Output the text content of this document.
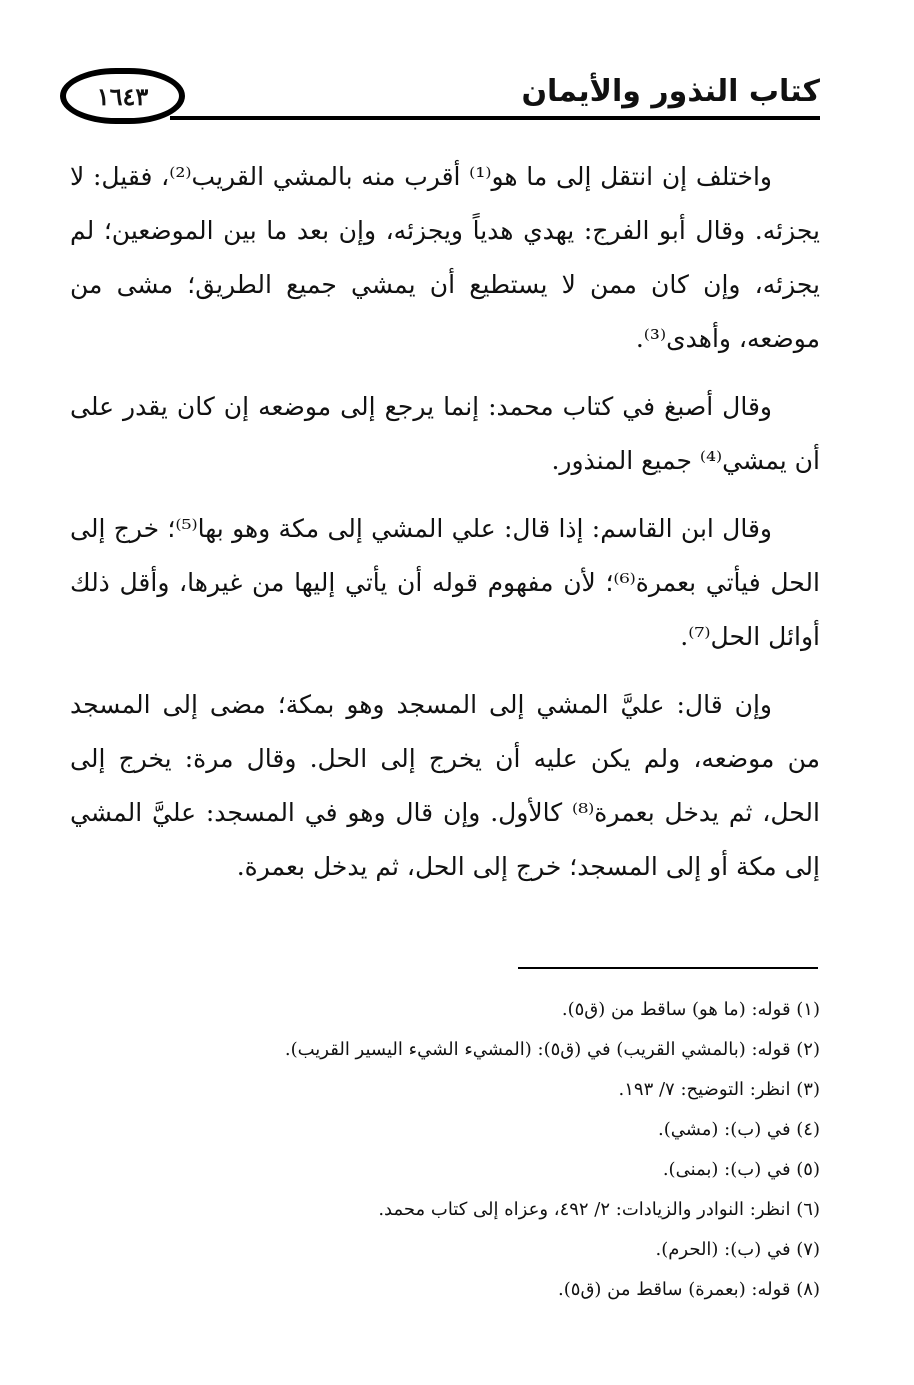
١٦٤٣	كتاب النذور والأيمان

واختلف إن انتقل إلى ما هو⁽¹⁾ أقرب منه بالمشي القريب⁽²⁾، فقيل: لا يجزئه. وقال أبو الفرج: يهدي هدياً ويجزئه، وإن بعد ما بين الموضعين؛ لم يجزئه، وإن كان ممن لا يستطيع أن يمشي جميع الطريق؛ مشى من موضعه، وأهدى⁽³⁾.

وقال أصبغ في كتاب محمد: إنما يرجع إلى موضعه إن كان يقدر على أن يمشي⁽⁴⁾ جميع المنذور.

وقال ابن القاسم: إذا قال: علي المشي إلى مكة وهو بها⁽⁵⁾؛ خرج إلى الحل فيأتي بعمرة⁽⁶⁾؛ لأن مفهوم قوله أن يأتي إليها من غيرها، وأقل ذلك أوائل الحل⁽⁷⁾.

وإن قال: عليَّ المشي إلى المسجد وهو بمكة؛ مضى إلى المسجد من موضعه، ولم يكن عليه أن يخرج إلى الحل. وقال مرة: يخرج إلى الحل، ثم يدخل بعمرة⁽⁸⁾ كالأول. وإن قال وهو في المسجد: عليَّ المشي إلى مكة أو إلى المسجد؛ خرج إلى الحل، ثم يدخل بعمرة.

(١) قوله: (ما هو) ساقط من (ق٥).

(٢) قوله: (بالمشي القريب) في (ق٥): (المشيء الشيء اليسير القريب).

(٣) انظر: التوضيح: ٧/ ١٩٣.

(٤) في (ب): (مشي).

(٥) في (ب): (بمنى).

(٦) انظر: النوادر والزيادات: ٢/ ٤٩٢، وعزاه إلى كتاب محمد.

(٧) في (ب): (الحرم).

(٨) قوله: (بعمرة) ساقط من (ق٥).
